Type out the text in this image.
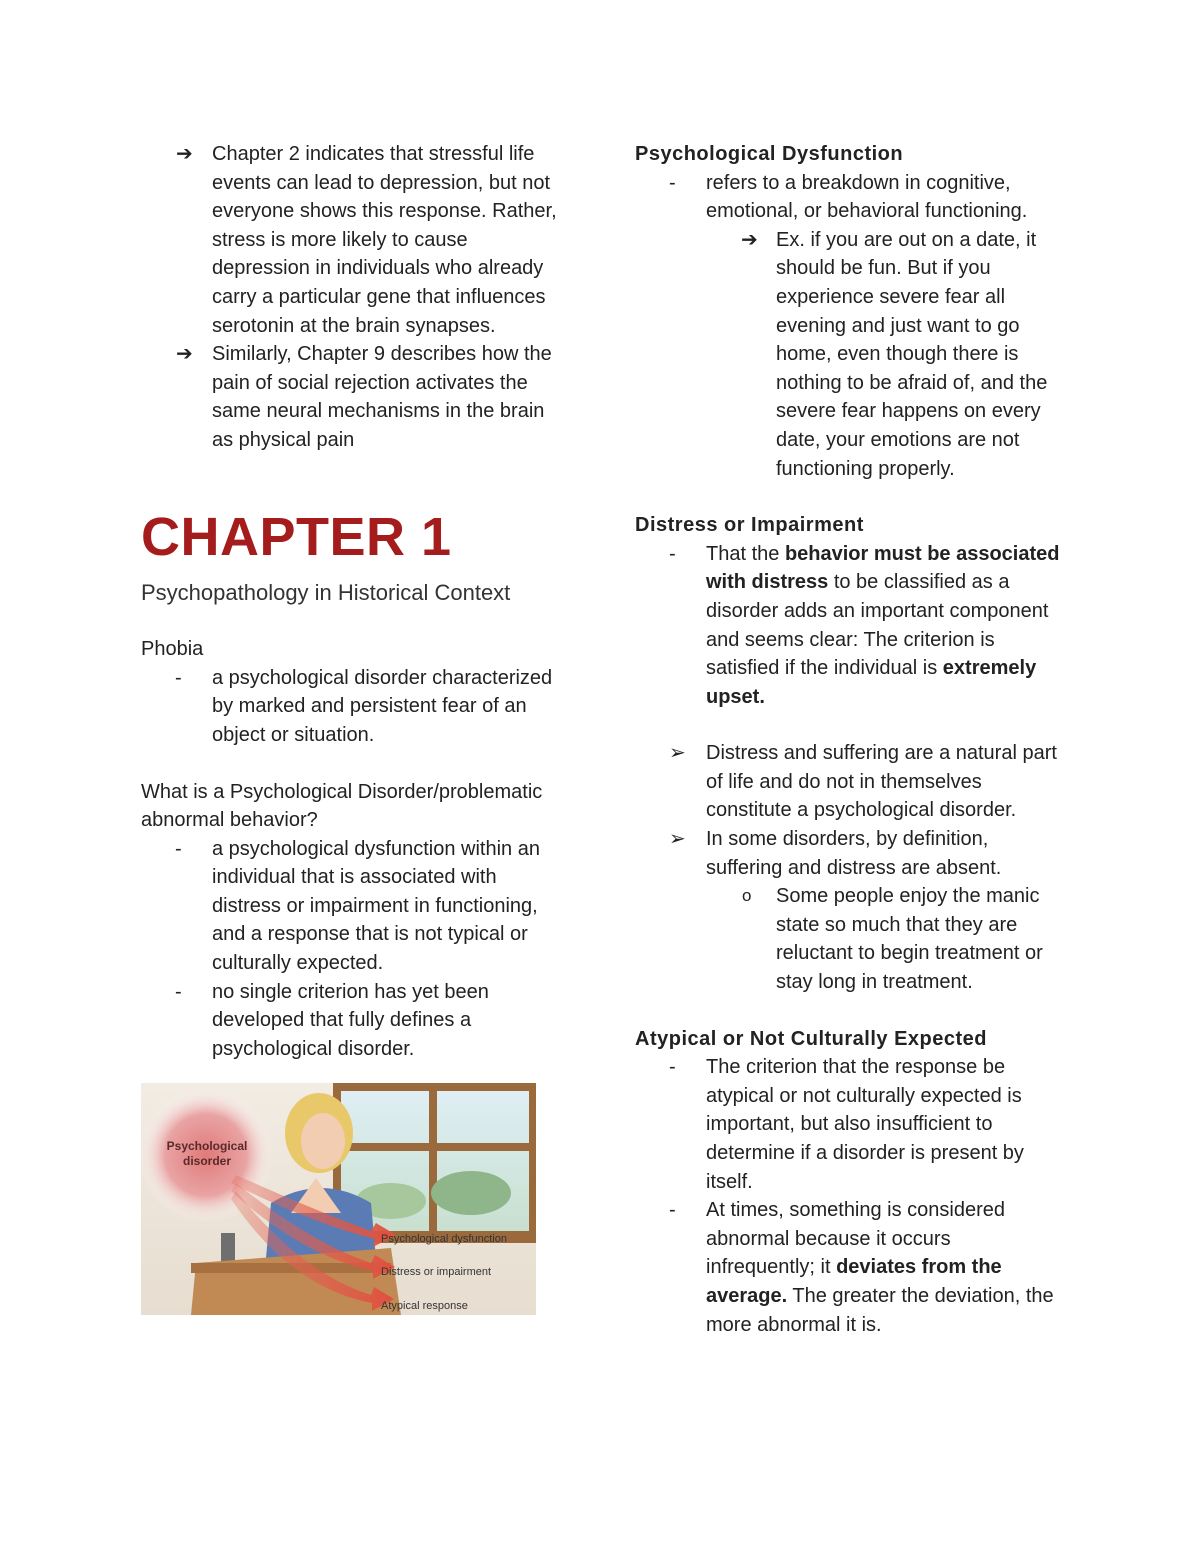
➔ Chapter 2 indicates that stressful life events can lead to depression, but not everyone shows this response. Rather, stress is more likely to cause depression in individuals who already carry a particular gene that influences serotonin at the brain synapses.
➔ Similarly, Chapter 9 describes how the pain of social rejection activates the same neural mechanisms in the brain as physical pain
CHAPTER 1
Psychopathology in Historical Context
Phobia
-	a psychological disorder characterized by marked and persistent fear of an object or situation.
What is a Psychological Disorder/problematic abnormal behavior?
-	a psychological dysfunction within an individual that is associated with distress or impairment in functioning, and a response that is not typical or culturally expected.
-	no single criterion has yet been developed that fully defines a psychological disorder.
Psychological disorder
Psychological dysfunction
Distress or impairment
Atypical response
Psychological Dysfunction
-	refers to a breakdown in cognitive, emotional, or behavioral functioning.
➔ Ex. if you are out on a date, it should be fun. But if you experience severe fear all evening and just want to go home, even though there is nothing to be afraid of, and the severe fear happens on every date, your emotions are not functioning properly.
Distress or Impairment
-	That the behavior must be associated with distress to be classified as a disorder adds an important component and seems clear: The criterion is satisfied if the individual is extremely upset.
➢	Distress and suffering are a natural part of life and do not in themselves constitute a psychological disorder.
➢	In some disorders, by definition, suffering and distress are absent.
o	Some people enjoy the manic state so much that they are reluctant to begin treatment or stay long in treatment.
Atypical or Not Culturally Expected
-	The criterion that the response be atypical or not culturally expected is important, but also insufficient to determine if a disorder is present by itself.
-	At times, something is considered abnormal because it occurs infrequently; it deviates from the average. The greater the deviation, the more abnormal it is.
